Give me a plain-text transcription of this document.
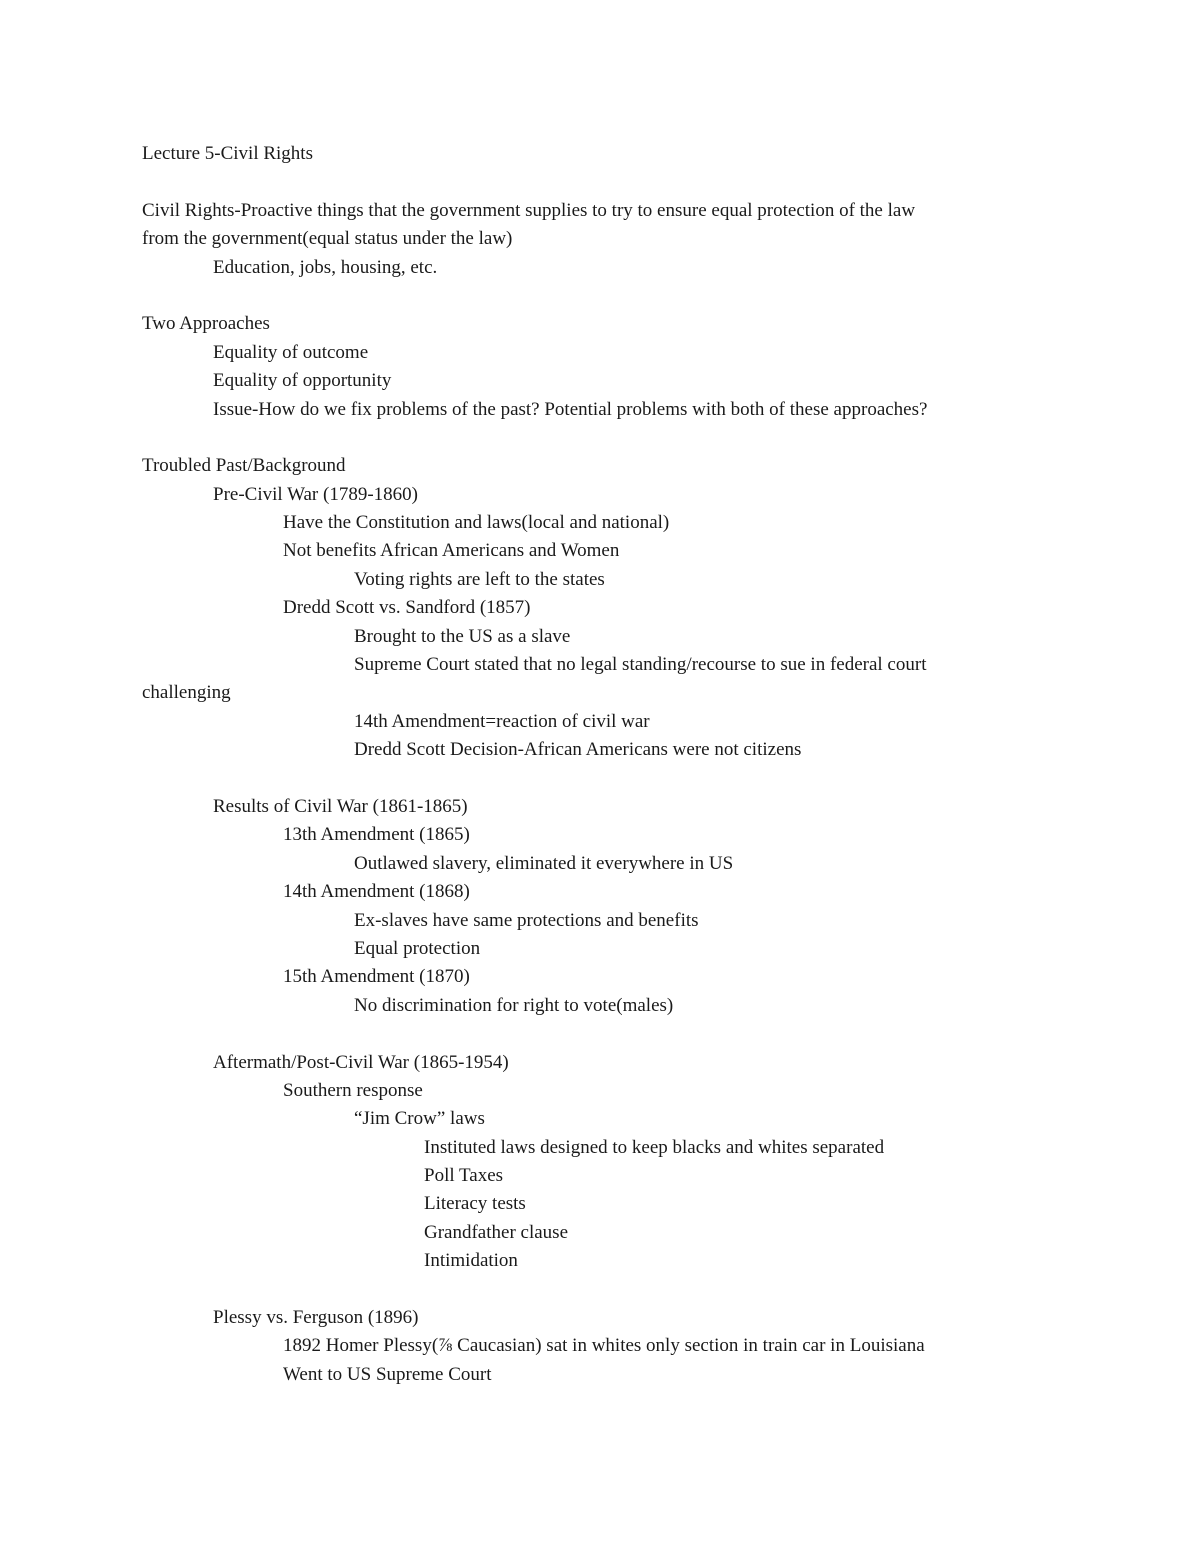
Lecture 5-Civil Rights
Civil Rights-Proactive things that the government supplies to try to ensure equal protection of the law
from the government(equal status under the law)
Education, jobs, housing, etc.
Two Approaches
Equality of outcome
Equality of opportunity
Issue-How do we fix problems of the past? Potential problems with both of these approaches?
Troubled Past/Background
Pre-Civil War (1789-1860)
Have the Constitution and laws(local and national)
Not benefits African Americans and Women
Voting rights are left to the states
Dredd Scott vs. Sandford (1857)
Brought to the US as a slave
Supreme Court stated that no legal standing/recourse to sue in federal court
challenging
14th Amendment=reaction of civil war
Dredd Scott Decision-African Americans were not citizens
Results of Civil War (1861-1865)
13th Amendment (1865)
Outlawed slavery, eliminated it everywhere in US
14th Amendment (1868)
Ex-slaves have same protections and benefits
Equal protection
15th Amendment (1870)
No discrimination for right to vote(males)
Aftermath/Post-Civil War (1865-1954)
Southern response
“Jim Crow” laws
Instituted laws designed to keep blacks and whites separated
Poll Taxes
Literacy tests
Grandfather clause
Intimidation
Plessy vs. Ferguson (1896)
1892 Homer Plessy(⅞ Caucasian) sat in whites only section in train car in Louisiana
Went to US Supreme Court
